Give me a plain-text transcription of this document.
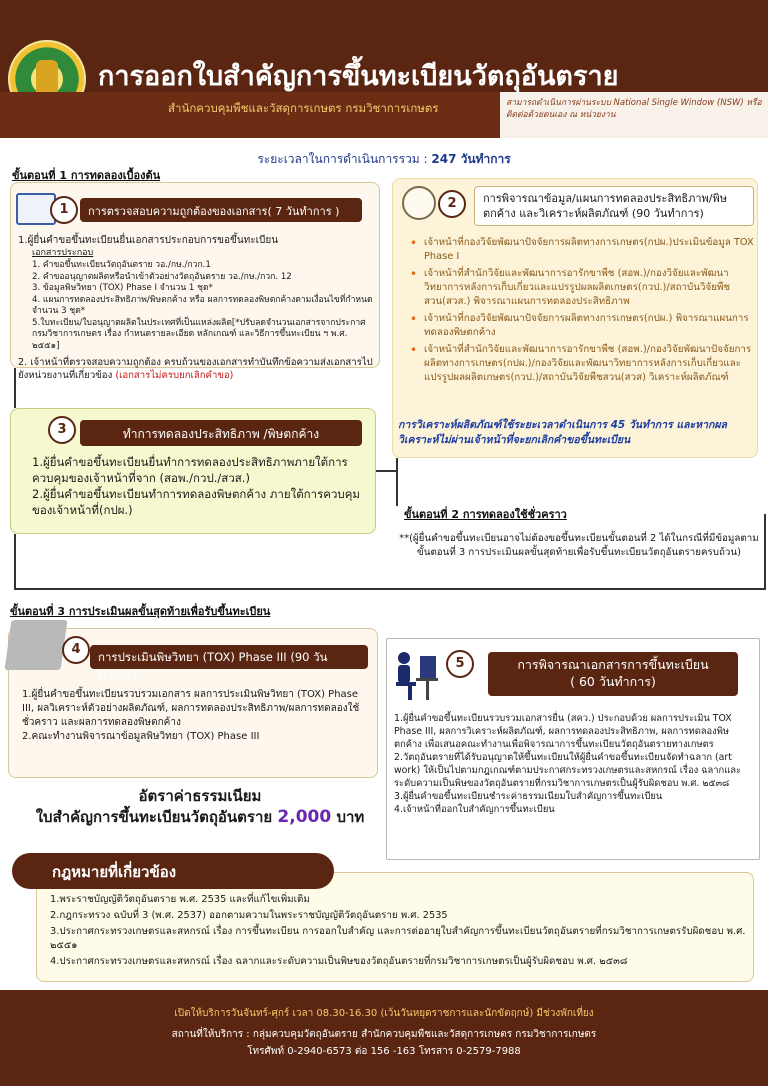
การออกใบสำคัญการขึ้นทะเบียนวัตถุอันตราย
สำนักควบคุมพืชและวัสดุการเกษตร กรมวิชาการเกษตร	สามารถดำเนินการผ่านระบบ National Single Window (NSW) หรือ ติดต่อด้วยตนเอง ณ หน่วยงาน
ระยะเวลาในการดำเนินการรวม : 247 วันทำการ
ขั้นตอนที่ 1 การทดลองเบื้องต้น
1	การตรวจสอบความถูกต้องของเอกสาร( 7 วันทำการ )
1.ผู้ยื่นคำขอขึ้นทะเบียนยื่นเอกสารประกอบการขอขึ้นทะเบียน
เอกสารประกอบ
1. คำขอขึ้นทะเบียนวัตถุอันตราย วอ./กษ./กวก.1
2. คำขออนุญาตผลิตหรือนำเข้าตัวอย่างวัตถุอันตราย วอ./กษ./กวก. 12
3. ข้อมูลพิษวิทยา (TOX) Phase I จำนวน 1 ชุด*
4. แผนการทดลองประสิทธิภาพ/พิษตกค้าง หรือ ผลการทดลองพิษตกค้างตามเงื่อนไขที่กำหนด จำนวน 3 ชุด*
5.ใบทะเบียน/ใบอนุญาตผลิตในประเทศที่เป็นแหล่งผลิต[*ปรับลดจำนวนเอกสารจากประกาศกรมวิชาการเกษตร เรื่อง กำหนดรายละเอียด หลักเกณฑ์ และวิธีการขึ้นทะเบียน ฯ พ.ศ. ๒๕๕๑]
2. เจ้าหน้าที่ตรวจสอบความถูกต้อง ครบถ้วนของเอกสารทำบันทึกข้อความส่งเอกสารไปยังหน่วยงานที่เกี่ยวข้อง (เอกสารไม่ครบยกเลิกคำขอ)
2	การพิจารณาข้อมูล/แผนการทดลองประสิทธิภาพ/พิษตกค้าง และวิเคราะห์ผลิตภัณฑ์ (90 วันทำการ)
• เจ้าหน้าที่กองวิจัยพัฒนาปัจจัยการผลิตทางการเกษตร(กปผ.)ประเมินข้อมูล TOX Phase I
• เจ้าหน้าที่สำนักวิจัยและพัฒนาการอารักขาพืช (สอพ.)/กองวิจัยและพัฒนาวิทยาการหลังการเก็บเกี่ยวและแปรรูปผลผลิตเกษตร(กวป.)/สถาบันวิจัยพืชสวน(สวส.) พิจารณาแผนการทดลองประสิทธิภาพ
• เจ้าหน้าที่กองวิจัยพัฒนาปัจจัยการผลิตทางการเกษตร(กปผ.) พิจารณาแผนการทดลองพิษตกค้าง
• เจ้าหน้าที่สำนักวิจัยและพัฒนาการอารักขาพืช (สอพ.)/กองวิจัยพัฒนาปัจจัยการผลิตทางการเกษตร(กปผ.)/กองวิจัยและพัฒนาวิทยาการหลังการเก็บเกี่ยวและแปรรูปผลผลิตเกษตร(กวป.)/สถาบันวิจัยพืชสวน(สวส) วิเคราะห์ผลิตภัณฑ์
การวิเคราะห์ผลิตภัณฑ์ใช้ระยะเวลาดำเนินการ 45 วันทำการ และหากผลวิเคราะห์ไม่ผ่านเจ้าหน้าที่จะยกเลิกคำขอขึ้นทะเบียน
3	ทำการทดลองประสิทธิภาพ /พิษตกค้าง
1.ผู้ยื่นคำขอขึ้นทะเบียนยื่นทำการทดลองประสิทธิภาพภายใต้การควบคุมของเจ้าหน้าที่จาก (สอพ./กวป./สวส.)
2.ผู้ยื่นคำขอขึ้นทะเบียนทำการทดลองพิษตกค้าง ภายใต้การควบคุมของเจ้าหน้าที่(กปผ.)	ขั้นตอนที่ 2 การทดลองใช้ชั่วคราว
**(ผู้ยื่นคำขอขึ้นทะเบียนอาจไม่ต้องขอขึ้นทะเบียนขั้นตอนที่ 2 ได้ในกรณีที่มีข้อมูลตาม ขั้นตอนที่ 3 การประเมินผลขั้นสุดท้ายเพื่อรับขึ้นทะเบียนวัตถุอันตรายครบถ้วน)
ขั้นตอนที่ 3 การประเมินผลขั้นสุดท้ายเพื่อรับขึ้นทะเบียน
4	การประเมินพิษวิทยา (TOX) Phase III (90 วันทำการ)
1.ผู้ยื่นคำขอขึ้นทะเบียนรวบรวมเอกสาร ผลการประเมินพิษวิทยา (TOX) Phase III, ผลวิเคราะห์ตัวอย่างผลิตภัณฑ์, ผลการทดลองประสิทธิภาพ/ผลการทดลองใช้ชั่วคราว และผลการทดลองพิษตกค้าง
2.คณะทำงานพิจารณาข้อมูลพิษวิทยา (TOX) Phase III
5	การพิจารณาเอกสารการขึ้นทะเบียน
( 60 วันทำการ)
1.ผู้ยื่นคำขอขึ้นทะเบียนรวบรวมเอกสารยื่น (สคว.) ประกอบด้วย ผลการประเมิน TOX Phase III, ผลการวิเคราะห์ผลิตภัณฑ์, ผลการทดลองประสิทธิภาพ, ผลการทดลองพิษตกค้าง เพื่อเสนอคณะทำงานเพื่อพิจารณาการขึ้นทะเบียนวัตถุอันตรายทางเกษตร
2.วัตถุอันตรายที่ได้รับอนุญาตให้ขึ้นทะเบียนให้ผู้ยื่นคำขอขึ้นทะเบียนจัดทำฉลาก (art work) ให้เป็นไปตามกฎเกณฑ์ตามประกาศกระทรวงเกษตรและสหกรณ์ เรื่อง ฉลากและระดับความเป็นพิษของวัตถุอันตรายที่กรมวิชาการเกษตรเป็นผู้รับผิดชอบ พ.ศ. ๒๕๓๘
3.ผู้ยื่นคำขอขึ้นทะเบียนชำระค่าธรรมเนียมใบสำคัญการขึ้นทะเบียน
4.เจ้าหน้าที่ออกใบสำคัญการขึ้นทะเบียน
อัตราค่าธรรมเนียม
ใบสำคัญการขึ้นทะเบียนวัตถุอันตราย 2,000 บาท
กฎหมายที่เกี่ยวข้อง
1.พระราชบัญญัติวัตถุอันตราย พ.ศ. 2535 และที่แก้ไขเพิ่มเติม
2.กฎกระทรวง ฉบับที่ 3 (พ.ศ. 2537) ออกตามความในพระราชบัญญัติวัตถุอันตราย พ.ศ. 2535
3.ประกาศกระทรวงเกษตรและสหกรณ์ เรื่อง การขึ้นทะเบียน การออกใบสำคัญ และการต่ออายุใบสำคัญการขึ้นทะเบียนวัตถุอันตรายที่กรมวิชาการเกษตรรับผิดชอบ พ.ศ. ๒๕๕๑
4.ประกาศกระทรวงเกษตรและสหกรณ์ เรื่อง ฉลากและระดับความเป็นพิษของวัตถุอันตรายที่กรมวิชาการเกษตรเป็นผู้รับผิดชอบ พ.ศ. ๒๕๓๘
เปิดให้บริการวันจันทร์-ศุกร์ เวลา 08.30-16.30 (เว้นวันหยุดราชการและนักขัตฤกษ์) มีช่วงพักเที่ยง
สถานที่ให้บริการ : กลุ่มควบคุมวัตถุอันตราย สำนักควบคุมพืชและวัสดุการเกษตร กรมวิชาการเกษตร
โทรศัพท์ 0-2940-6573 ต่อ 156 -163 โทรสาร 0-2579-7988
